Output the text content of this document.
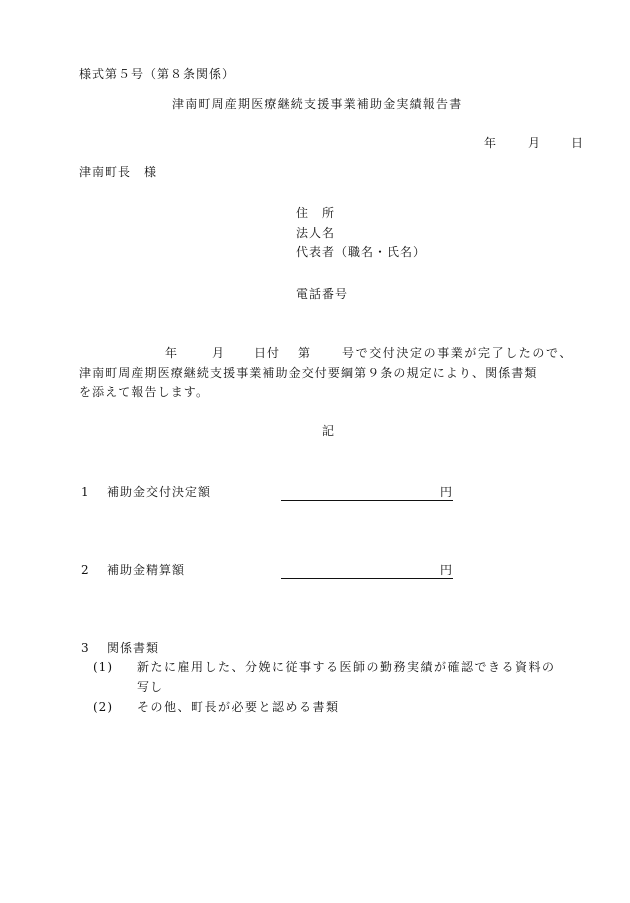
様式第５号（第８条関係）
津南町周産期医療継続支援事業補助金実績報告書
年	月 日
津南町長　様
住　所
法人名
代表者（職名・氏名）
電話番号
年	月 日付 第	号で交付決定の事業が完了したので、
津南町周産期医療継続支援事業補助金交付要綱第９条の規定により、関係書類
を添えて報告します。
記
1 補助金交付決定額	円
2 補助金精算額	円
3 関係書類
(1) 新たに雇用した、分娩に従事する医師の勤務実績が確認できる資料の
写し
(2) その他、町長が必要と認める書類
